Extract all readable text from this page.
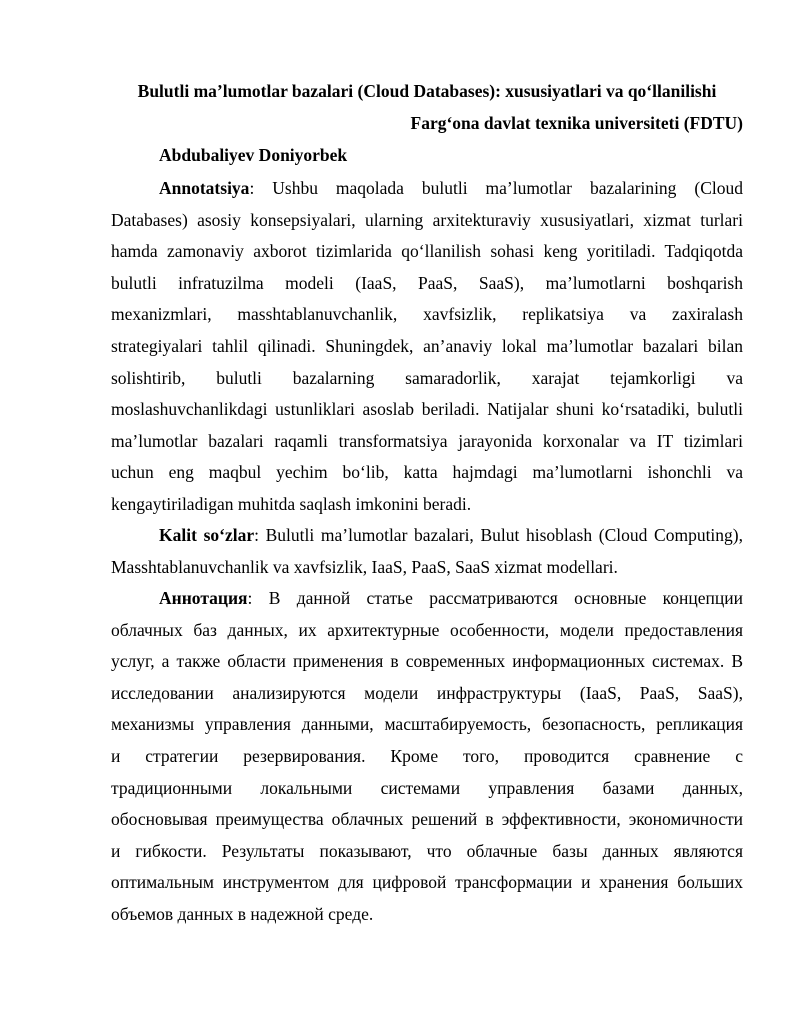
Bulutli ma’lumotlar bazalari (Cloud Databases): xususiyatlari va qo‘llanilishi
Farg‘ona davlat texnika universiteti (FDTU)
Abdubaliyev Doniyorbek
Annotatsiya: Ushbu maqolada bulutli ma’lumotlar bazalarining (Cloud
Databases) asosiy konsepsiyalari, ularning arxitekturaviy xususiyatlari, xizmat turlari
hamda zamonaviy axborot tizimlarida qo‘llanilish sohasi keng yoritiladi. Tadqiqotda
bulutli infratuzilma modeli (IaaS, PaaS, SaaS), ma’lumotlarni boshqarish
mexanizmlari, masshtablanuvchanlik, xavfsizlik, replikatsiya va zaxiralash
strategiyalari tahlil qilinadi. Shuningdek, an’anaviy lokal ma’lumotlar bazalari bilan
solishtirib, bulutli bazalarning samaradorlik, xarajat tejamkorligi va
moslashuvchanlikdagi ustunliklari asoslab beriladi. Natijalar shuni ko‘rsatadiki, bulutli
ma’lumotlar bazalari raqamli transformatsiya jarayonida korxonalar va IT tizimlari
uchun eng maqbul yechim bo‘lib, katta hajmdagi ma’lumotlarni ishonchli va
kengaytiriladigan muhitda saqlash imkonini beradi.
Kalit so‘zlar: Bulutli ma’lumotlar bazalari, Bulut hisoblash (Cloud Computing),
Masshtablanuvchanlik va xavfsizlik, IaaS, PaaS, SaaS xizmat modellari.
Аннотация: В данной статье рассматриваются основные концепции
облачных баз данных, их архитектурные особенности, модели предоставления
услуг, а также области применения в современных информационных системах. В
исследовании анализируются модели инфраструктуры (IaaS, PaaS, SaaS),
механизмы управления данными, масштабируемость, безопасность, репликация
и стратегии резервирования. Кроме того, проводится сравнение с
традиционными локальными системами управления базами данных,
обосновывая преимущества облачных решений в эффективности, экономичности
и гибкости. Результаты показывают, что облачные базы данных являются
оптимальным инструментом для цифровой трансформации и хранения больших
объемов данных в надежной среде.
